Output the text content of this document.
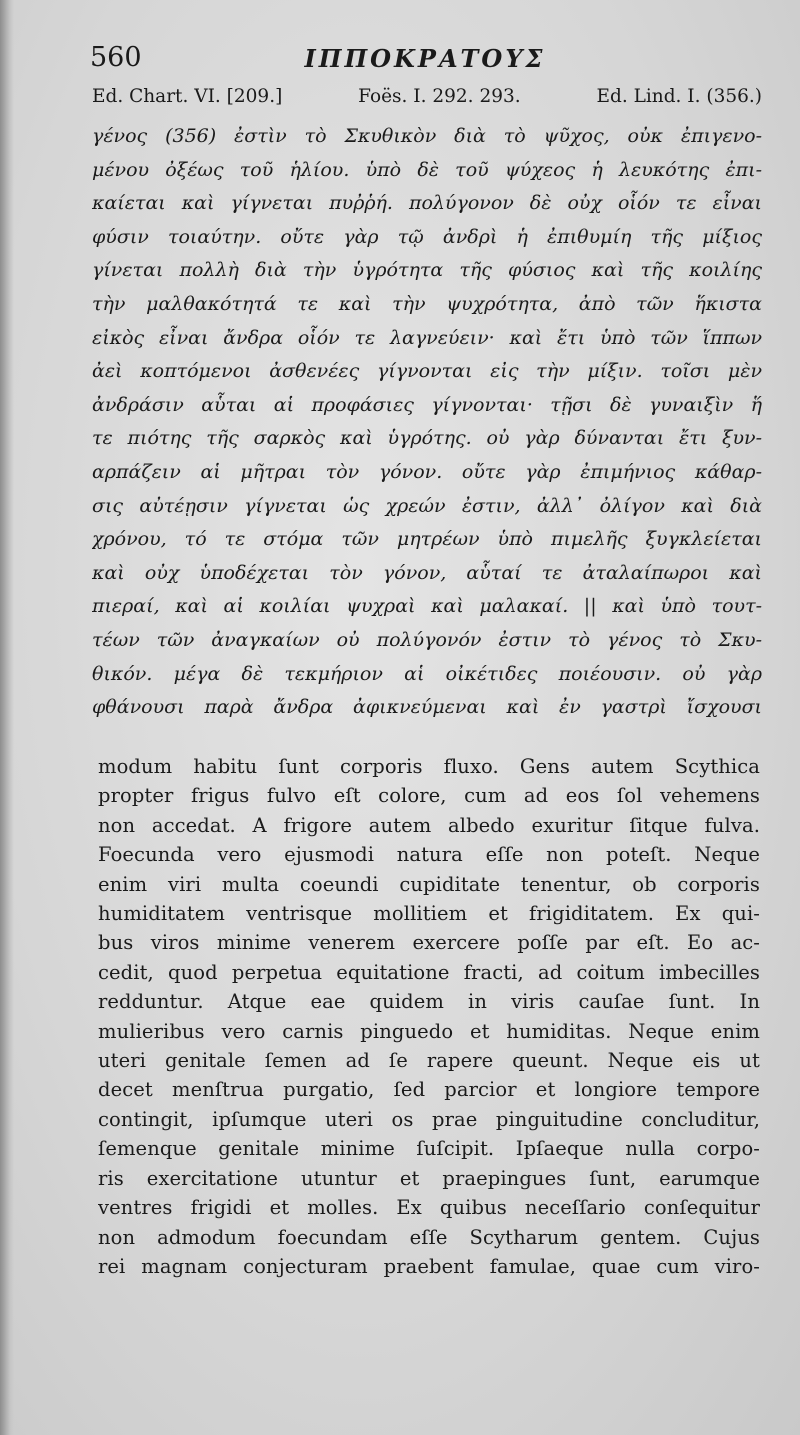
560	ΙΠΠΟΚΡΑΤΟΥΣ
Ed. Chart. VI. [209.]	Foës. I. 292. 293.	Ed. Lind. I. (356.)
γένος (356) ἐστὶν τὸ Σκυθικὸν διὰ τὸ ψῦχος, οὐκ ἐπιγενο-
μένου ὀξέως τοῦ ἡλίου. ὑπὸ δὲ τοῦ ψύχεος ἡ λευκότης ἐπι-
καίεται καὶ γίγνεται πυῤῥή. πολύγονον δὲ οὐχ οἷόν τε εἶναι
φύσιν τοιαύτην. οὔτε γὰρ τῷ ἀνδρὶ ἡ ἐπιθυμίη τῆς μίξιος
γίνεται πολλὴ διὰ τὴν ὑγρότητα τῆς φύσιος καὶ τῆς κοιλίης
τὴν μαλθακότητά τε καὶ τὴν ψυχρότητα, ἀπὸ τῶν ἥκιστα
εἰκὸς εἶναι ἄνδρα οἷόν τε λαγνεύειν· καὶ ἔτι ὑπὸ τῶν ἵππων
ἀεὶ κοπτόμενοι ἀσθενέες γίγνονται εἰς τὴν μίξιν. τοῖσι μὲν
ἀνδράσιν αὗται αἱ προφάσιες γίγνονται· τῇσι δὲ γυναιξὶν ἥ
τε πιότης τῆς σαρκὸς καὶ ὑγρότης. οὐ γὰρ δύνανται ἔτι ξυν-
αρπάζειν αἱ μῆτραι τὸν γόνον. οὔτε γὰρ ἐπιμήνιος κάθαρ-
σις αὐτέῃσιν γίγνεται ὡς χρεών ἐστιν, ἀλλ᾽ ὀλίγον καὶ διὰ
χρόνου, τό τε στόμα τῶν μητρέων ὑπὸ πιμελῆς ξυγκλείεται
καὶ οὐχ ὑποδέχεται τὸν γόνον, αὗταί τε ἀταλαίπωροι καὶ
πιεραί, καὶ αἱ κοιλίαι ψυχραὶ καὶ μαλακαί. || καὶ ὑπὸ τουτ-
τέων τῶν ἀναγκαίων οὐ πολύγονόν ἐστιν τὸ γένος τὸ Σκυ-
θικόν. μέγα δὲ τεκμήριον αἱ οἰκέτιδες ποιέουσιν. οὐ γὰρ
φθάνουσι παρὰ ἄνδρα ἀφικνεύμεναι καὶ ἐν γαστρὶ ἴσχουσι
modum habitu ſunt corporis fluxo. Gens autem Scythica
propter frigus fulvo eſt colore, cum ad eos ſol vehemens
non accedat. A frigore autem albedo exuritur ſitque fulva.
Foecunda vero ejusmodi natura eſſe non poteſt. Neque
enim viri multa coeundi cupiditate tenentur, ob corporis
humiditatem ventrisque mollitiem et frigiditatem. Ex qui-
bus viros minime venerem exercere poſſe par eſt. Eo ac-
cedit, quod perpetua equitatione fracti, ad coitum imbecilles
redduntur. Atque eae quidem in viris cauſae ſunt. In
mulieribus vero carnis pinguedo et humiditas. Neque enim
uteri genitale ſemen ad ſe rapere queunt. Neque eis ut
decet menſtrua purgatio, ſed parcior et longiore tempore
contingit, ipſumque uteri os prae pinguitudine concluditur,
ſemenque genitale minime ſuſcipit. Ipſaeque nulla corpo-
ris exercitatione utuntur et praepingues ſunt, earumque
ventres frigidi et molles. Ex quibus neceſſario conſequitur
non admodum foecundam eſſe Scytharum gentem. Cujus
rei magnam conjecturam praebent famulae, quae cum viro-
